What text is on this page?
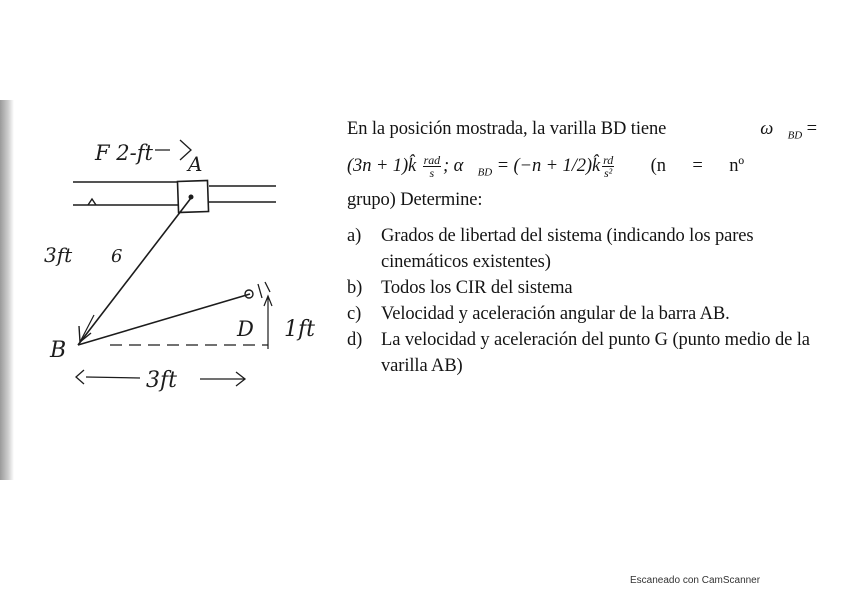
F 2-ft A
3ft 6
B
D 1ft
3ft
En la posición mostrada, la varilla BD tiene	$\omega⃗_{BD}$ =
(3n + 1)k̂ $\frac{\text{rad}}{s}$ ; $\alpha⃗_{BD} = (-n$ + 1/2)k̂ $\frac{rd}{\text{s²}} (n$ = nº
grupo) Determine:
a)	Grados de libertad del sistema (indicando los pares cinemáticos existentes)
b)	Todos los CIR del sistema
c)	Velocidad y aceleración angular de la barra AB.
d)	La velocidad y aceleración del punto G (punto medio de la varilla AB)
Escaneado con CamScanner
